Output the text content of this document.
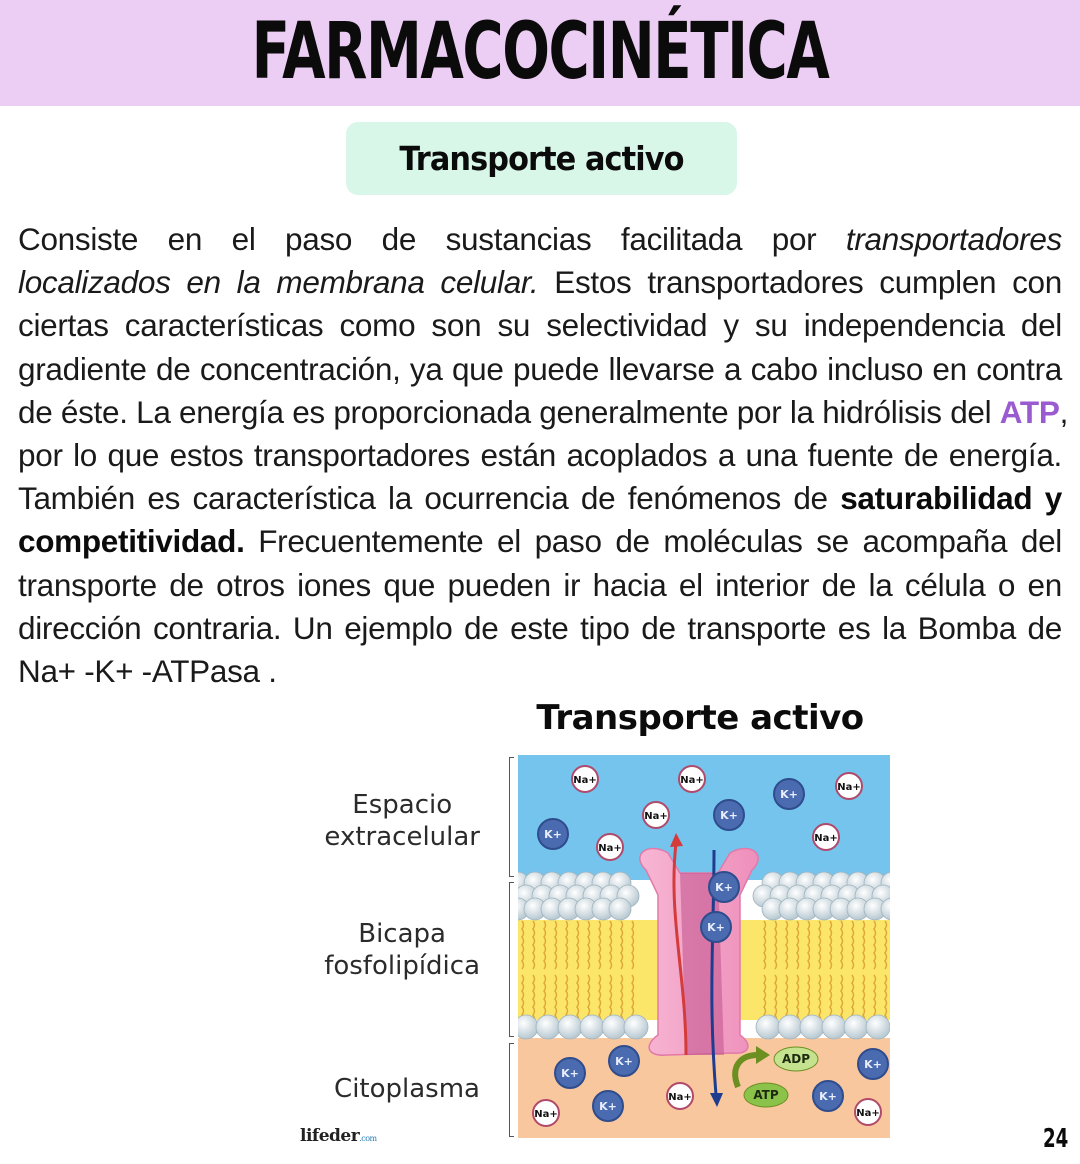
FARMACOCINÉTICA
Transporte activo
Consiste en el paso de sustancias facilitada por transportadores
localizados en la membrana celular. Estos transportadores cumplen con
ciertas características como son su selectividad y su independencia del
gradiente de concentración, ya que puede llevarse a cabo incluso en contra
de éste. La energía es proporcionada generalmente por la hidrólisis del ATP,
por lo que estos transportadores están acoplados a una fuente de energía.
También es característica la ocurrencia de fenómenos de saturabilidad y
competitividad. Frecuentemente el paso de moléculas se acompaña del
transporte de otros iones que pueden ir hacia el interior de la célula o en
dirección contraria. Un ejemplo de este tipo de transporte es la Bomba de
Na+ -K+ -ATPasa .
Transporte activo
Espacio
extracelular
Bicapa
fosfolipídica
Citoplasma
Na+	Na+
K+
Na+
Na+	K+
K+
Na+
Na+
K+
K+
K+
K+
K+
Na+	K+
K+
Na+	Na+
ADP
ATP
lifeder.com	24
